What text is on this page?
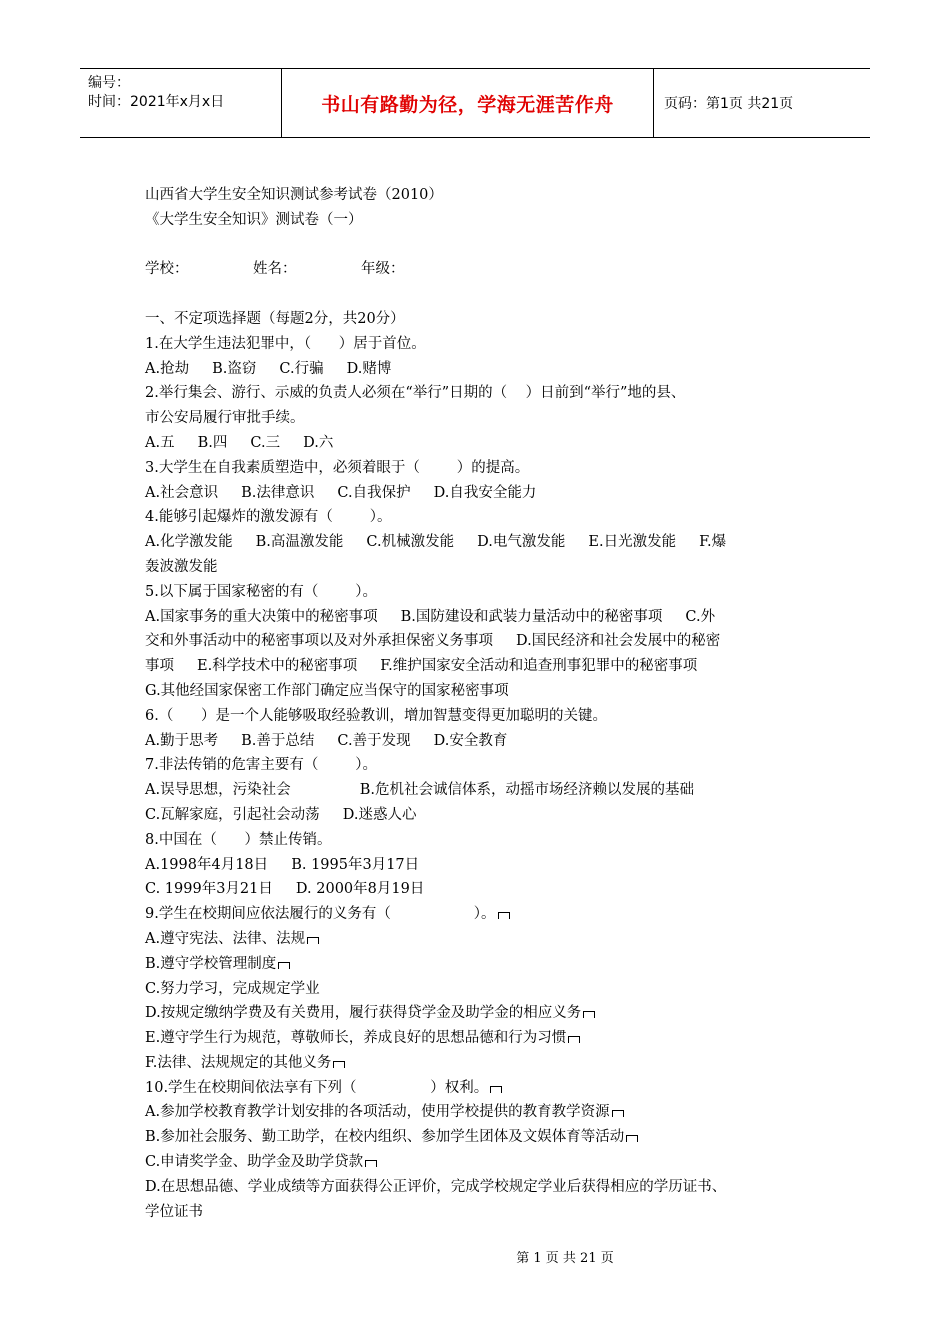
编号：
时间：2021年x月x日	书山有路勤为径，学海无涯苦作舟	页码：第1页 共21页

山西省大学生安全知识测试参考试卷（2010）

《大学生安全知识》测试卷（一）

学校：              姓名：              年级：

一、不定项选择题（每题2分，共20分）

1.在大学生违法犯罪中，（      ）居于首位。

A.抢劫     B.盗窃     C.行骗     D.赌博

2.举行集会、游行、示威的负责人必须在“举行”日期的（    ）日前到“举行”地的县、

市公安局履行审批手续。

A.五     B.四     C.三     D.六

3.大学生在自我素质塑造中，必须着眼于（        ）的提高。

A.社会意识     B.法律意识     C.自我保护     D.自我安全能力

4.能够引起爆炸的激发源有（        ）。

A.化学激发能     B.高温激发能     C.机械激发能     D.电气激发能     E.日光激发能     F.爆

轰波激发能

5.以下属于国家秘密的有（        ）。

A.国家事务的重大决策中的秘密事项     B.国防建设和武装力量活动中的秘密事项     C.外

交和外事活动中的秘密事项以及对外承担保密义务事项     D.国民经济和社会发展中的秘密

事项     E.科学技术中的秘密事项     F.维护国家安全活动和追查刑事犯罪中的秘密事项

G.其他经国家保密工作部门确定应当保守的国家秘密事项

6.（      ）是一个人能够吸取经验教训，增加智慧变得更加聪明的关键。

A.勤于思考     B.善于总结     C.善于发现     D.安全教育

7.非法传销的危害主要有（        ）。

A.误导思想，污染社会               B.危机社会诚信体系，动摇市场经济赖以发展的基础

C.瓦解家庭，引起社会动荡     D.迷惑人心

8.中国在（      ）禁止传销。

A.1998年4月18日     B. 1995年3月17日

C. 1999年3月21日     D. 2000年8月19日

9.学生在校期间应依法履行的义务有（                  ）。

A.遵守宪法、法律、法规

B.遵守学校管理制度

C.努力学习，完成规定学业

D.按规定缴纳学费及有关费用，履行获得贷学金及助学金的相应义务

E.遵守学生行为规范，尊敬师长，养成良好的思想品德和行为习惯

F.法律、法规规定的其他义务

10.学生在校期间依法享有下列（                ）权利。

A.参加学校教育教学计划安排的各项活动，使用学校提供的教育教学资源

B.参加社会服务、勤工助学，在校内组织、参加学生团体及文娱体育等活动

C.申请奖学金、助学金及助学贷款

D.在思想品德、学业成绩等方面获得公正评价，完成学校规定学业后获得相应的学历证书、

学位证书

第 1 页 共 21 页
